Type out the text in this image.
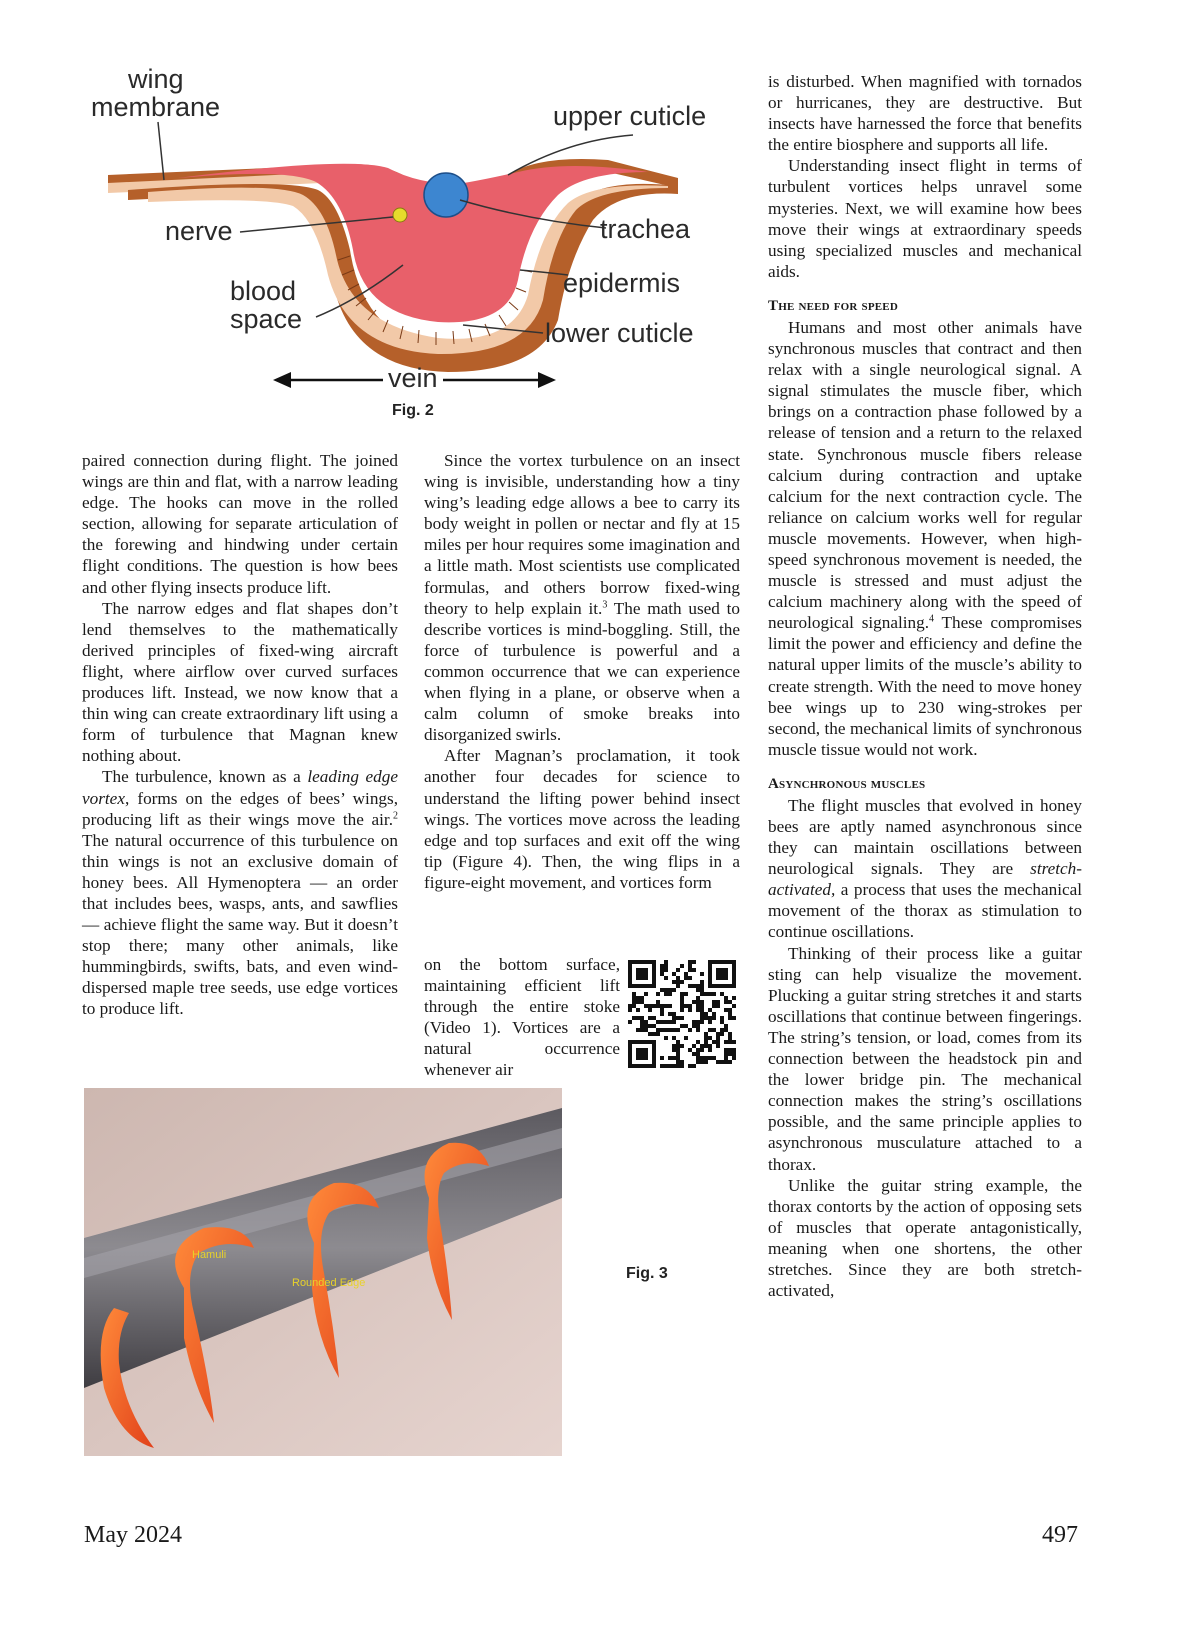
wing
membrane	upper cuticle
nerve	trachea
blood
space
epidermis
lower cuticle
vein
Fig. 2

paired connection during flight. The joined wings are thin and flat, with a narrow leading edge. The hooks can move in the rolled section, allowing for separate articulation of the forewing and hindwing under certain flight conditions. The question is how bees and other flying insects produce lift.

The narrow edges and flat shapes don’t lend themselves to the mathematically derived principles of fixed-wing aircraft flight, where airflow over curved surfaces produces lift. Instead, we now know that a thin wing can create extraordinary lift using a form of turbulence that Magnan knew nothing about.

The turbulence, known as a leading edge vortex, forms on the edges of bees’ wings, producing lift as their wings move the air.$^2$ The natural occurrence of this turbulence on thin wings is not an exclusive domain of honey bees. All Hymenoptera — an order that includes bees, wasps, ants, and sawflies— achieve flight the same way. But it doesn’t stop there; many other animals, like hummingbirds, swifts, bats, and even wind-dispersed maple tree seeds, use edge vortices to produce lift.

Since the vortex turbulence on an insect wing is invisible, understanding how a tiny wing’s leading edge allows a bee to carry its body weight in pollen or nectar and fly at 15 miles per hour requires some imagination and a little math. Most scientists use complicated formulas, and others borrow fixed-wing theory to help explain it.$^3$ The math used to describe vortices is mind-boggling. Still, the force of turbulence is powerful and a common occurrence that we can experience when flying in a plane, or observe when a calm column of smoke breaks into disorganized swirls.

After Magnan’s proclamation, it took another four decades for science to understand the lifting power behind insect wings. The vortices move across the leading edge and top surfaces and exit off the wing tip (Figure 4). Then, the wing flips in a figure-eight movement, and vortices form

on the bottom surface, maintaining efficient lift through the entire stoke (Video 1). Vortices are a natural occurrence whenever air

is disturbed. When magnified with tornados or hurricanes, they are destructive. But insects have harnessed the force that benefits the entire biosphere and supports all life.

Understanding insect flight in terms of turbulent vortices helps unravel some mysteries. Next, we will examine how bees move their wings at extraordinary speeds using specialized muscles and mechanical aids.

The need for speed

Humans and most other animals have synchronous muscles that contract and then relax with a single neurological signal. A signal stimulates the muscle fiber, which brings on a contraction phase followed by a release of tension and a return to the relaxed state. Synchronous muscle fibers release calcium during contraction and uptake calcium for the next contraction cycle. The reliance on calcium works well for regular muscle movements. However, when high-speed synchronous movement is needed, the muscle is stressed and must adjust the calcium machinery along with the speed of neurological signaling.$^4$ These compromises limit the power and efficiency and define the natural upper limits of the muscle’s ability to create strength. With the need to move honey bee wings up to 230 wing-strokes per second, the mechanical limits of synchronous muscle tissue would not work.

Asynchronous muscles

The flight muscles that evolved in honey bees are aptly named asynchronous since they can maintain oscillations between neurological signals. They are stretch-activated, a process that uses the mechanical movement of the thorax as stimulation to continue oscillations.

Thinking of their process like a guitar sting can help visualize the movement. Plucking a guitar string stretches it and starts oscillations that continue between fingerings. The string’s tension, or load, comes from its connection between the headstock pin and the lower bridge pin. The mechanical connection makes the string’s oscillations possible, and the same principle applies to asynchronous musculature attached to a thorax.

Unlike the guitar string example, the thorax contorts by the action of opposing sets of muscles that operate antagonistically, meaning when one shortens, the other stretches. Since they are both stretch-activated,

Hamuli
Rounded Edge
Fig. 3
May 2024	497
